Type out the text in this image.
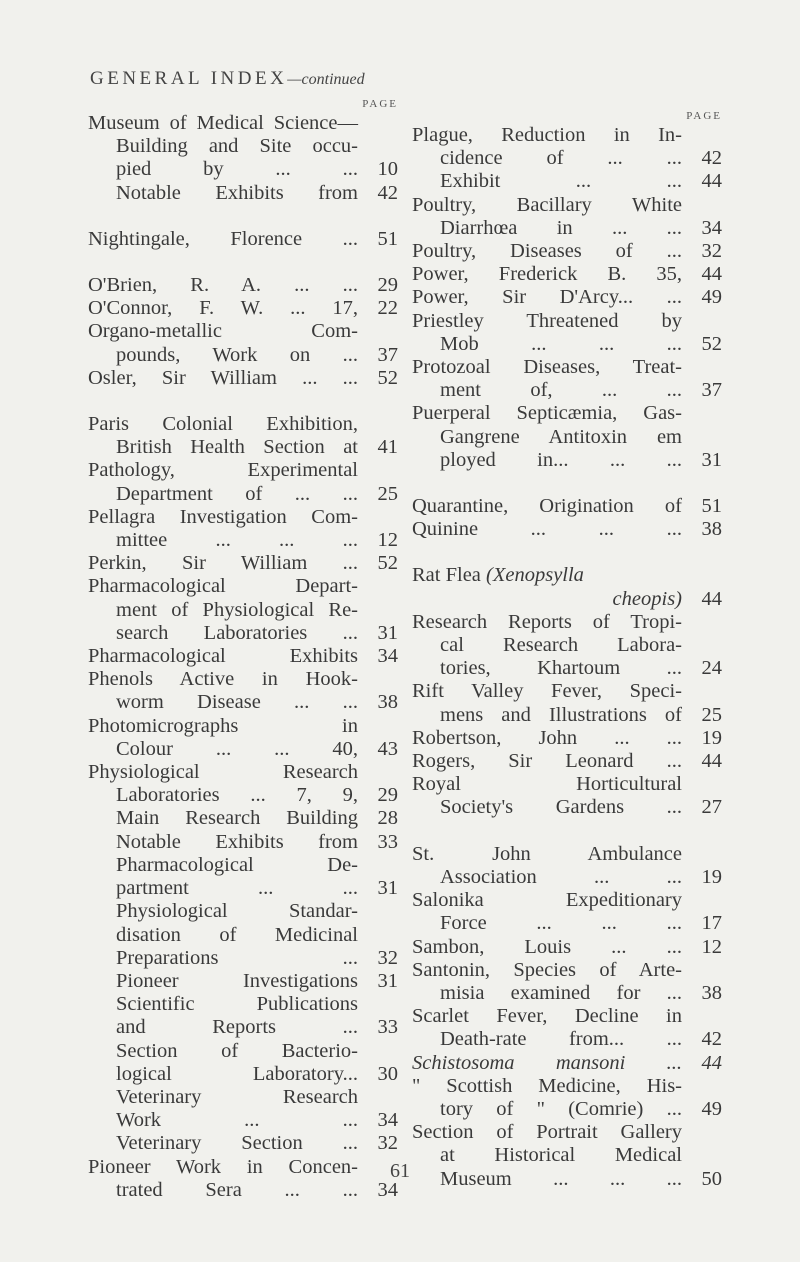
GENERAL INDEX—continued
PAGE
Museum of Medical Science—
Building and Site occu-
pied by ... ... 10
Notable Exhibits from 42
Nightingale, Florence ... 51
O'Brien, R. A. ... ... 29
O'Connor, F. W. ... 17, 22
Organo-metallic Com-
pounds, Work on ... 37
Osler, Sir William ... ... 52
Paris Colonial Exhibition,
British Health Section at 41
Pathology, Experimental
Department of ... ... 25
Pellagra Investigation Com-
mittee ... ... ... 12
Perkin, Sir William ... 52
Pharmacological Depart-
ment of Physiological Re-
search Laboratories ... 31
Pharmacological Exhibits 34
Phenols Active in Hook-
worm Disease ... ... 38
Photomicrographs in
Colour ... ... 40, 43
Physiological Research
Laboratories ... 7, 9, 29
Main Research Building 28
Notable Exhibits from 33
Pharmacological De-
partment ... ... 31
Physiological Standar-
disation of Medicinal
Preparations ... 32
Pioneer Investigations 31
Scientific Publications
and Reports ... 33
Section of Bacterio-
logical Laboratory... 30
Veterinary Research
Work ... ... 34
Veterinary Section ... 32
Pioneer Work in Concen-
trated Sera ... ... 34
PAGE
Plague, Reduction in In-
cidence of ... ... 42
Exhibit ... ... 44
Poultry, Bacillary White
Diarrhœa in ... ... 34
Poultry, Diseases of ... 32
Power, Frederick B. 35, 44
Power, Sir D'Arcy... ... 49
Priestley Threatened by
Mob ... ... ... 52
Protozoal Diseases, Treat-
ment of, ... ... 37
Puerperal Septicæmia, Gas-
Gangrene Antitoxin em
ployed in... ... ... 31
Quarantine, Origination of 51
Quinine ... ... ... 38
Rat Flea (Xenopsylla
cheopis) 44
Research Reports of Tropi-
cal Research Labora-
tories, Khartoum ... 24
Rift Valley Fever, Speci-
mens and Illustrations of 25
Robertson, John ... ... 19
Rogers, Sir Leonard ... 44
Royal Horticultural
Society's Gardens ... 27
St. John Ambulance
Association ... ... 19
Salonika Expeditionary
Force ... ... ... 17
Sambon, Louis ... ... 12
Santonin, Species of Arte-
misia examined for ... 38
Scarlet Fever, Decline in
Death-rate from... ... 42
Schistosoma mansoni ... 44
" Scottish Medicine, His-
tory of " (Comrie) ... 49
Section of Portrait Gallery
at Historical Medical
Museum ... ... ... 50
61
